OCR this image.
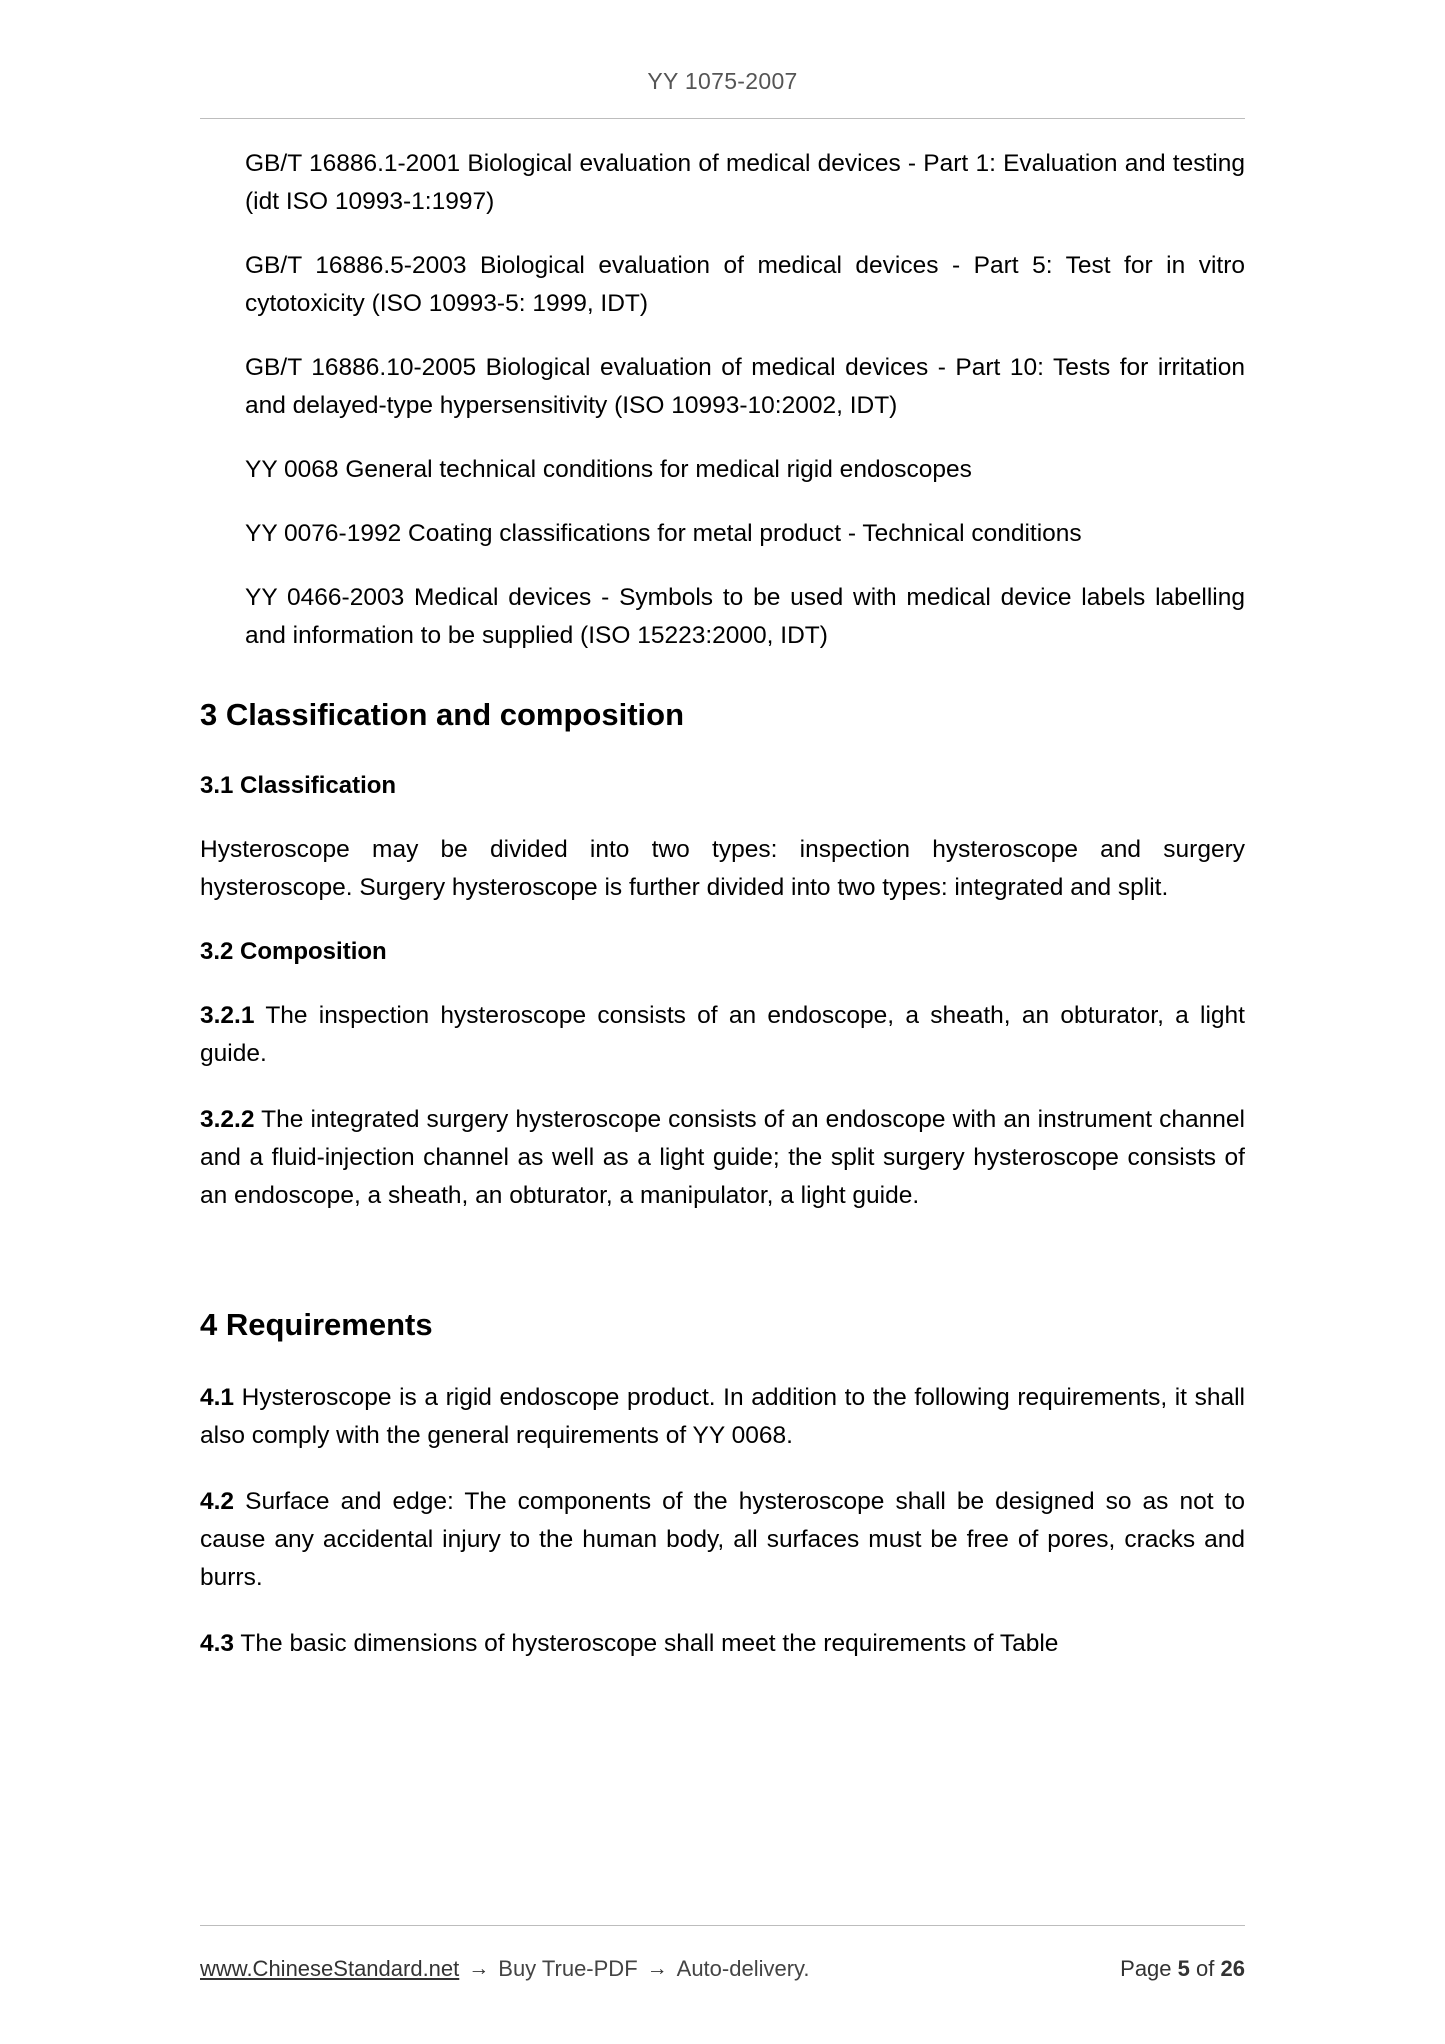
YY 1075-2007

GB/T 16886.1-2001 Biological evaluation of medical devices - Part 1: Evaluation and testing (idt ISO 10993-1:1997)

GB/T 16886.5-2003 Biological evaluation of medical devices - Part 5: Test for in vitro cytotoxicity (ISO 10993-5: 1999, IDT)

GB/T 16886.10-2005 Biological evaluation of medical devices - Part 10: Tests for irritation and delayed-type hypersensitivity (ISO 10993-10:2002, IDT)

YY 0068 General technical conditions for medical rigid endoscopes

YY 0076-1992 Coating classifications for metal product - Technical conditions

YY 0466-2003 Medical devices - Symbols to be used with medical device labels labelling and information to be supplied (ISO 15223:2000, IDT)

3 Classification and composition
3.1 Classification

Hysteroscope may be divided into two types: inspection hysteroscope and surgery hysteroscope. Surgery hysteroscope is further divided into two types: integrated and split.

3.2 Composition

3.2.1 The inspection hysteroscope consists of an endoscope, a sheath, an obturator, a light guide.

3.2.2 The integrated surgery hysteroscope consists of an endoscope with an instrument channel and a fluid-injection channel as well as a light guide; the split surgery hysteroscope consists of an endoscope, a sheath, an obturator, a manipulator, a light guide.

4 Requirements

4.1 Hysteroscope is a rigid endoscope product. In addition to the following requirements, it shall also comply with the general requirements of YY 0068.

4.2 Surface and edge: The components of the hysteroscope shall be designed so as not to cause any accidental injury to the human body, all surfaces must be free of pores, cracks and burrs.

4.3 The basic dimensions of hysteroscope shall meet the requirements of Table

www.ChineseStandard.net → Buy True-PDF → Auto-delivery.	Page 5 of 26
